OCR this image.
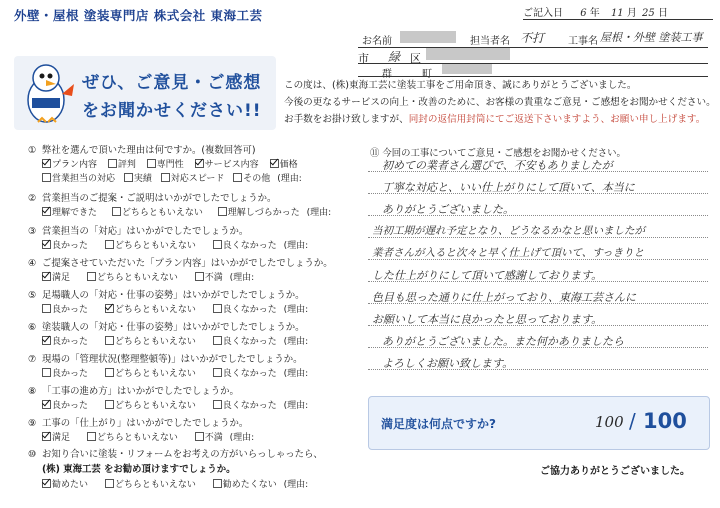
外壁・屋根 塗装専門店 株式会社 東海工芸	ご記入日 6 年 11 月 25 日
お名前	担当者名 不打 工事名 屋根・外壁 塗装工事
市 緑 区
群	町
ぜひ、ご意見・ご感想
をお聞かせください!!
この度は、(株)東海工芸に塗装工事をご用命頂き、誠にありがとうございました。
今後の更なるサービスの向上・改善のために、お客様の貴重なご意見・ご感想をお聞かせください。
お手数をお掛け致しますが、同封の返信用封筒にてご返送下さいますよう、お願い申し上げます。
① 弊社を選んで頂いた理由は何ですか。(複数回答可)
プラン内容 評判 専門性 サービス内容 価格
営業担当の対応 実績 対応スピード その他 (理由:
② 営業担当のご提案・ご説明はいかがでしたでしょうか。
理解できた	どちらともいえない	理解しづらかった (理由:
③ 営業担当の「対応」はいかがでしたでしょうか。
良かった	どちらともいえない	良くなかった (理由:
④ ご提案させていただいた「プラン内容」はいかがでしたでしょうか。
満足	どちらともいえない	不満 (理由:
⑤ 足場職人の「対応・仕事の姿勢」はいかがでしたでしょうか。
良かった	どちらともいえない	良くなかった (理由:
⑥ 塗装職人の「対応・仕事の姿勢」はいかがでしたでしょうか。
良かった	どちらともいえない	良くなかった (理由:
⑦ 現場の「管理状況(整理整頓等)」はいかがでしたでしょうか。
良かった	どちらともいえない	良くなかった (理由:
⑧ 「工事の進め方」はいかがでしたでしょうか。
良かった	どちらともいえない	良くなかった (理由:
⑨ 工事の「仕上がり」はいかがでしたでしょうか。
満足	どちらともいえない	不満 (理由:
⑩ お知り合いに塗装・リフォームをお考えの方がいらっしゃったら、
(株) 東海工芸 をお勧め頂けますでしょうか。
勧めたい	どちらともいえない	勧めたくない (理由:
⑪ 今回の工事についてご意見・ご感想をお聞かせください。
初めての業者さん選びで、不安もありましたが
丁寧な対応と、いい仕上がりにして頂いて、本当に
ありがとうございました。
当初工期が遅れ予定となり、どうなるかなと思いましたが
業者さんが入ると次々と早く仕上げて頂いて、すっきりと
した仕上がりにして頂いて感謝しております。
色目も思った通りに仕上がっており、東海工芸さんに
お願いして本当に良かったと思っております。
ありがとうございました。また何かありましたら
よろしくお願い致します。
満足度は何点ですか?	100 / 100
ご協力ありがとうございました。
